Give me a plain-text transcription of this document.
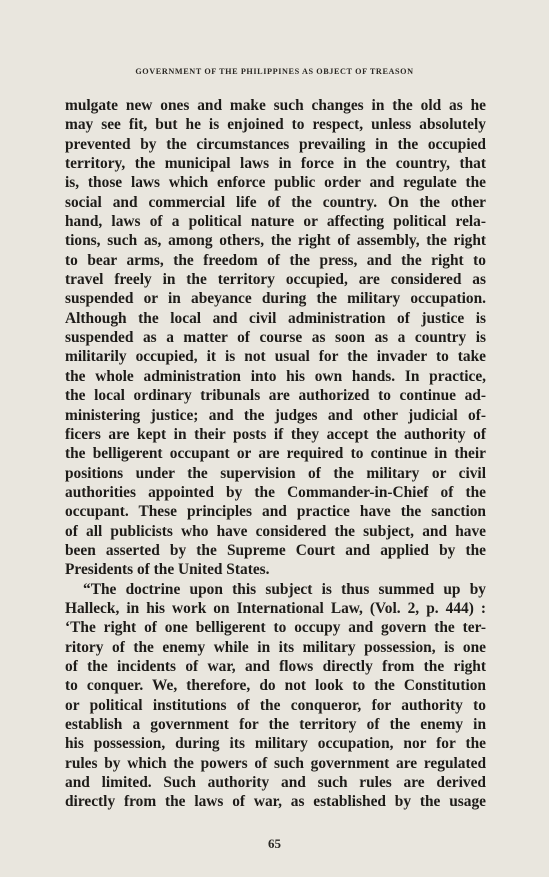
GOVERNMENT OF THE PHILIPPINES AS OBJECT OF TREASON
mulgate new ones and make such changes in the old as he
may see fit, but he is enjoined to respect, unless absolutely
prevented by the circumstances prevailing in the occupied
territory, the municipal laws in force in the country, that
is, those laws which enforce public order and regulate the
social and commercial life of the country. On the other
hand, laws of a political nature or affecting political rela-
tions, such as, among others, the right of assembly, the right
to bear arms, the freedom of the press, and the right to
travel freely in the territory occupied, are considered as
suspended or in abeyance during the military occupation.
Although the local and civil administration of justice is
suspended as a matter of course as soon as a country is
militarily occupied, it is not usual for the invader to take
the whole administration into his own hands. In practice,
the local ordinary tribunals are authorized to continue ad-
ministering justice; and the judges and other judicial of-
ficers are kept in their posts if they accept the authority of
the belligerent occupant or are required to continue in their
positions under the supervision of the military or civil
authorities appointed by the Commander-in-Chief of the
occupant. These principles and practice have the sanction
of all publicists who have considered the subject, and have
been asserted by the Supreme Court and applied by the
Presidents of the United States.
“The doctrine upon this subject is thus summed up by
Halleck, in his work on International Law, (Vol. 2, p. 444) :
‘The right of one belligerent to occupy and govern the ter-
ritory of the enemy while in its military possession, is one
of the incidents of war, and flows directly from the right
to conquer. We, therefore, do not look to the Constitution
or political institutions of the conqueror, for authority to
establish a government for the territory of the enemy in
his possession, during its military occupation, nor for the
rules by which the powers of such government are regulated
and limited. Such authority and such rules are derived
directly from the laws of war, as established by the usage
65
